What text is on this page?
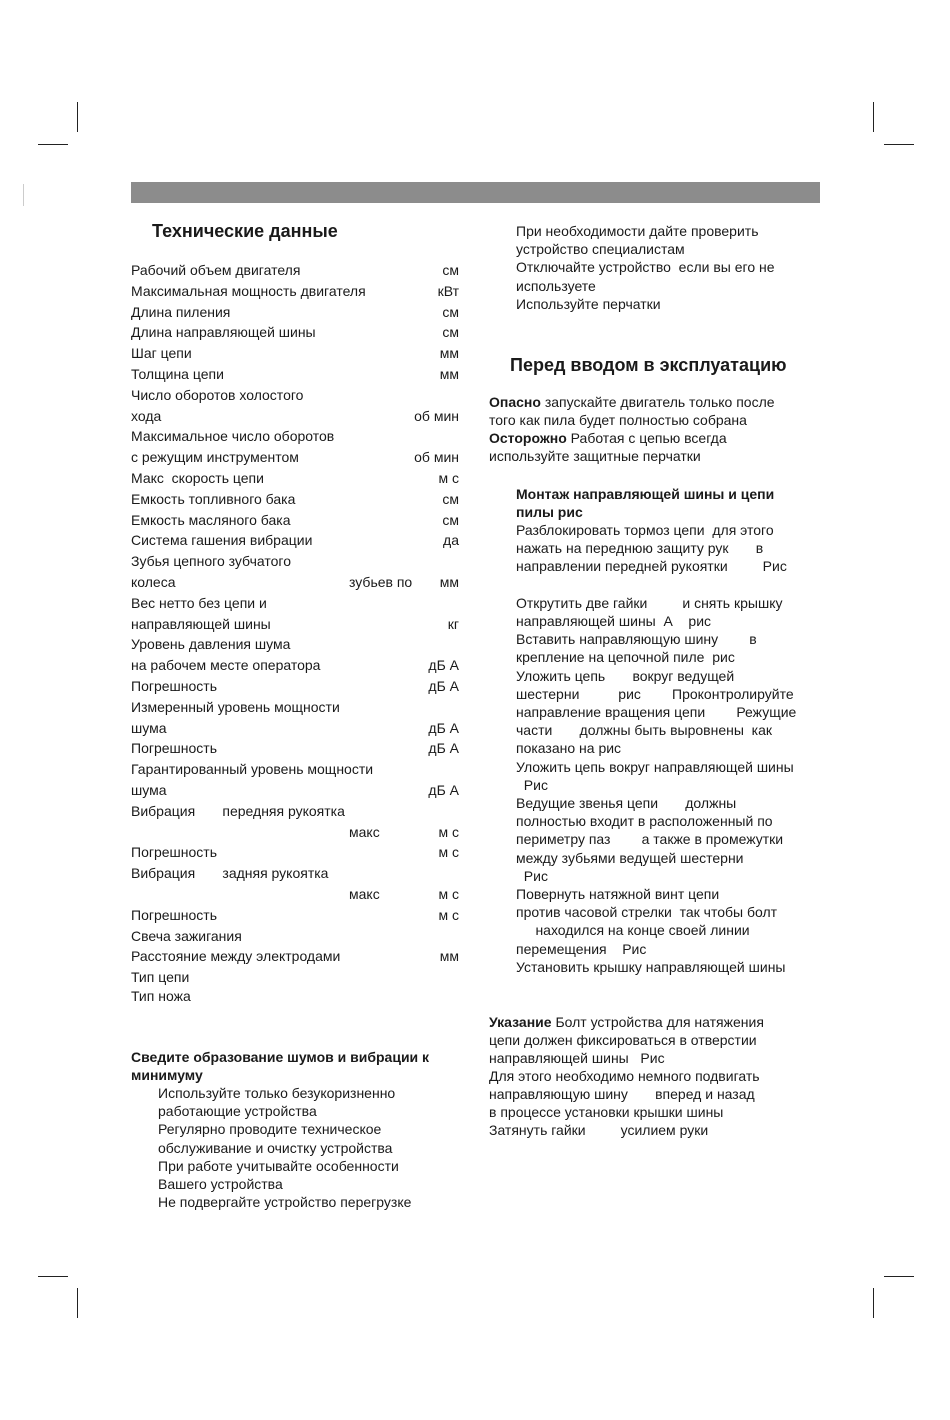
Технические данные
Рабочий объем двигателя	см
Максимальная мощность двигателя	кВт
Длина пиления	см
Длина направляющей шины	см
Шаг цепи	мм
Толщина цепи	мм
Число оборотов холостого
хода	об мин
Максимальное число оборотов
с режущим инструментом	об мин
Макс  скорость цепи	м с
Емкость топливного бака	см
Емкость масляного бака	см
Система гашения вибрации	да
Зубья цепного зубчатого
колеса	зубьев по	мм
Вес нетто без цепи и
направляющей шины	кг
Уровень давления шума
на рабочем месте оператора	дБ А
Погрешность	дБ А
Измеренный уровень мощности
шума	дБ А
Погрешность	дБ А
Гарантированный уровень мощности
шума	дБ А
Вибрация       передняя рукоятка
макс	м с
Погрешность	м с
Вибрация       задняя рукоятка
макс	м с
Погрешность	м с
Свеча зажигания
Расстояние между электродами	мм
Тип цепи
Тип ножа
Сведите образование шумов и вибрации к минимуму
Используйте только безукоризненно
работающие устройства
Регулярно проводите техническое
обслуживание и очистку устройства
При работе учитывайте особенности
Вашего устройства
Не подвергайте устройство перегрузке
При необходимости дайте проверить
устройство специалистам
Отключайте устройство  если вы его не
используете
Используйте перчатки
Перед вводом в эксплуатацию
Опасно запускайте двигатель только после
того как пила будет полностью собрана
Осторожно Работая с цепью всегда
используйте защитные перчатки
Монтаж направляющей шины и цепи
пилы рис
Разблокировать тормоз цепи  для этого
нажать на переднюю защиту рук       в
направлении передней рукоятки         Рис
Открутить две гайки         и снять крышку
направляющей шины  А    рис
Вставить направляющую шину        в
крепление на цепочной пиле  рис
Уложить цепь       вокруг ведущей
шестерни          рис        Проконтролируйте
направление вращения цепи        Режущие
части       должны быть выровнены  как
показано на рис
Уложить цепь вокруг направляющей шины
Рис
Ведущие звенья цепи       должны
полностью входит в расположенный по
периметру паз        а также в промежутки
между зубьями ведущей шестерни
Рис
Повернуть натяжной винт цепи
против часовой стрелки  так чтобы болт
находился на конце своей линии
перемещения    Рис
Установить крышку направляющей шины
Указание Болт устройства для натяжения
цепи должен фиксироваться в отверстии
направляющей шины   Рис
Для этого необходимо немного подвигать
направляющую шину       вперед и назад
в процессе установки крышки шины
Затянуть гайки         усилием руки
